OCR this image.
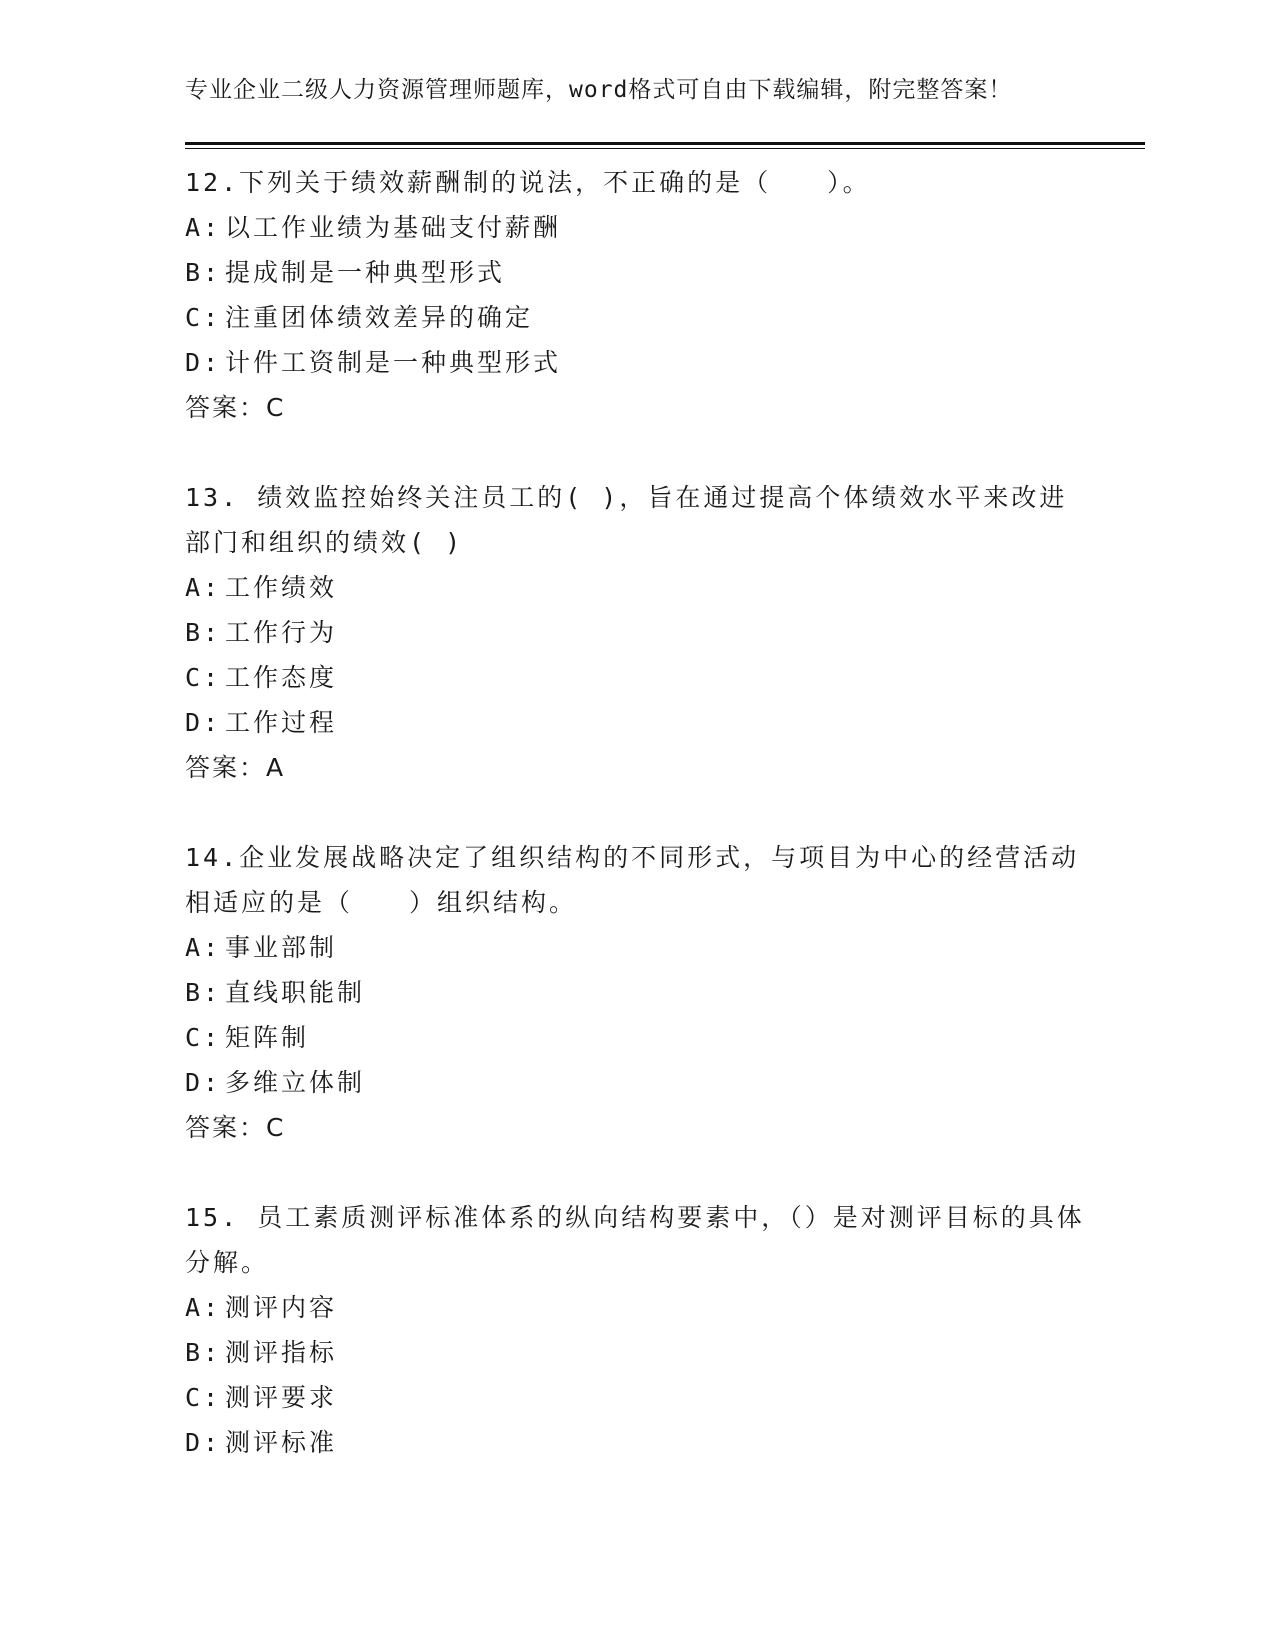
专业企业二级人力资源管理师题库，word格式可自由下载编辑，附完整答案！

12.下列关于绩效薪酬制的说法，不正确的是（　　）。

A: 以工作业绩为基础支付薪酬

B: 提成制是一种典型形式

C: 注重团体绩效差异的确定

D: 计件工资制是一种典型形式

答案：C

13. 绩效监控始终关注员工的( )，旨在通过提高个体绩效水平来改进部门和组织的绩效( )

A: 工作绩效

B: 工作行为

C: 工作态度

D: 工作过程

答案：A

14.企业发展战略决定了组织结构的不同形式，与项目为中心的经营活动相适应的是（　　）组织结构。

A: 事业部制

B: 直线职能制

C: 矩阵制

D: 多维立体制

答案：C

15. 员工素质测评标准体系的纵向结构要素中，（）是对测评目标的具体分解。

A: 测评内容

B: 测评指标

C: 测评要求

D: 测评标准
